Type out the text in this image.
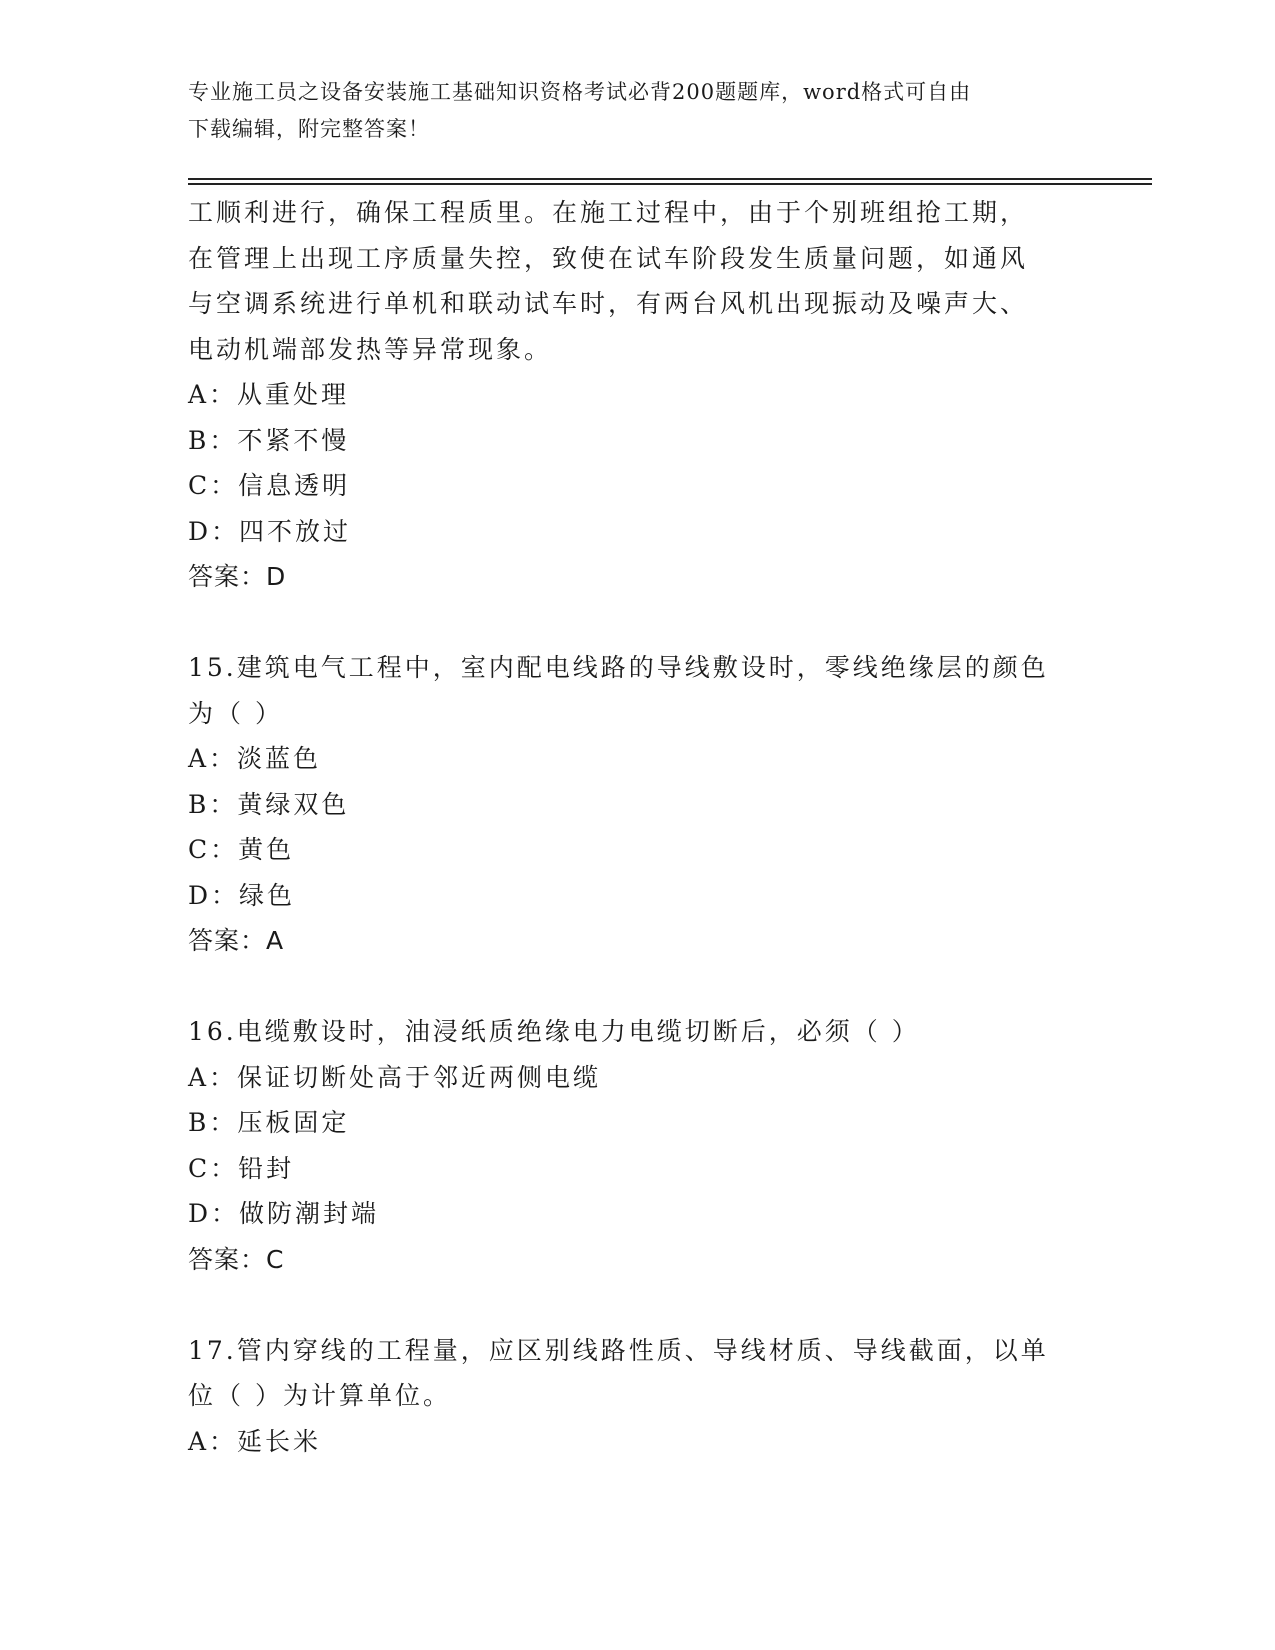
专业施工员之设备安装施工基础知识资格考试必背200题题库，word格式可自由
下载编辑，附完整答案！
工顺利进行，确保工程质里。在施工过程中，由于个别班组抢工期，
在管理上出现工序质量失控，致使在试车阶段发生质量问题，如通风
与空调系统进行单机和联动试车时，有两台风机出现振动及噪声大、
电动机端部发热等异常现象。
A：从重处理
B：不紧不慢
C：信息透明
D：四不放过
答案：D
15.建筑电气工程中，室内配电线路的导线敷设时，零线绝缘层的颜色
为（ ）
A：淡蓝色
B：黄绿双色
C：黄色
D：绿色
答案：A
16.电缆敷设时，油浸纸质绝缘电力电缆切断后，必须（ ）
A：保证切断处高于邻近两侧电缆
B：压板固定
C：铅封
D：做防潮封端
答案：C
17.管内穿线的工程量，应区别线路性质、导线材质、导线截面，以单
位（ ）为计算单位。
A：延长米
